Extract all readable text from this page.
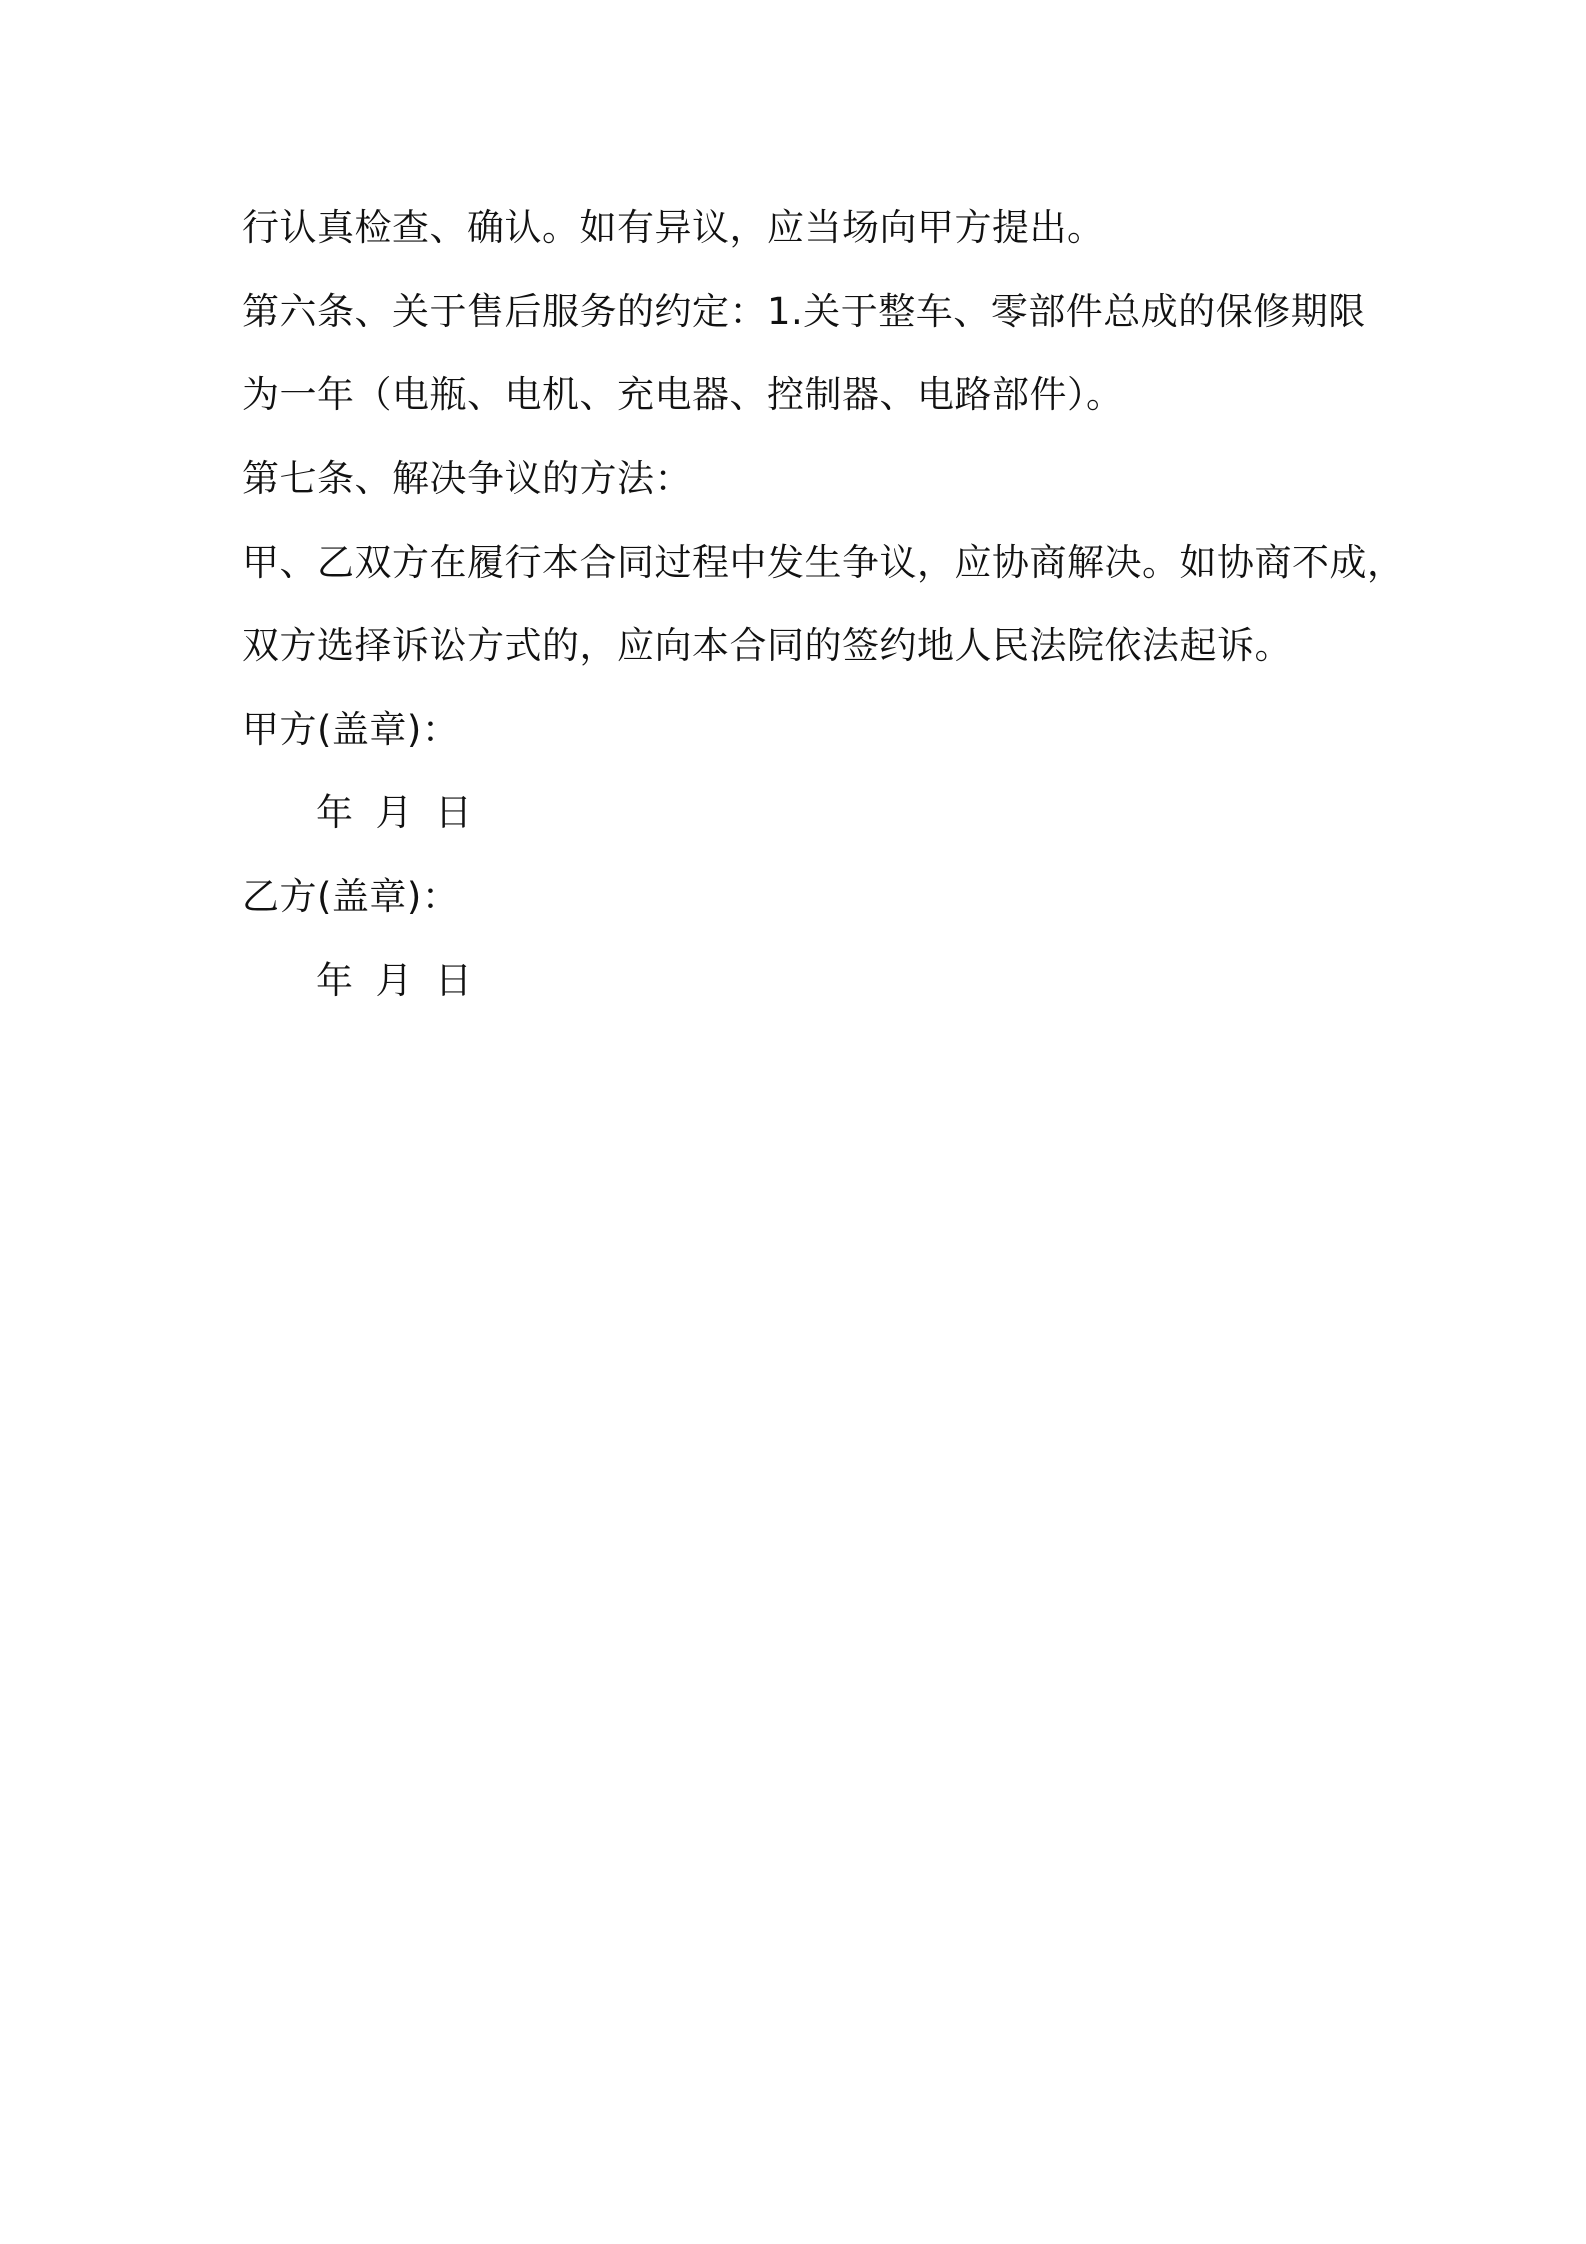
行认真检查、确认。如有异议，应当场向甲方提出。
第六条、关于售后服务的约定：1.关于整车、零部件总成的保修期限
为一年（电瓶、电机、充电器、控制器、电路部件）。
第七条、解决争议的方法：
甲、乙双方在履行本合同过程中发生争议，应协商解决。如协商不成，
双方选择诉讼方式的，应向本合同的签约地人民法院依法起诉。
甲方(盖章)：
年 月 日
乙方(盖章)：
年 月 日
